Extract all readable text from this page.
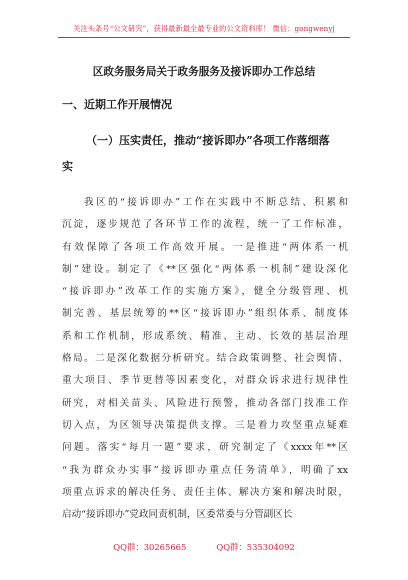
关注头条号“公文研究”，获得最新最全最专业的公文资料库！ 微信：gongwenyj
区政务服务局关于政务服务及接诉即办工作总结
一、近期工作开展情况
（一）压实责任，推动“接诉即办”各项工作落细落
实
我区的“接诉即办”工作在实践中不断总结、积累和
沉淀，逐步规范了各环节工作的流程，统一了工作标准，
有效保障了各项工作高效开展。一是推进“两体系一机
制”建设。制定了《**区强化“两体系一机制”建设深化
“接诉即办”改革工作的实施方案》，健全分级管理、机
制完善、基层统筹的**区“接诉即办”组织体系、制度体
系和工作机制，形成系统、精准、主动、长效的基层治理
格局。二是深化数据分析研究。结合政策调整、社会舆情、
重大项目、季节更替等因素变化，对群众诉求进行规律性
研究，对相关苗头、风险进行预警，推动各部门找准工作
切入点，为区领导决策提供支撑。三是着力攻坚重点疑难
问题。落实“每月一题”要求，研究制定了《xxxx年**区
“我为群众办实事”接诉即办重点任务清单》，明确了xx
项重点诉求的解决任务、责任主体、解决方案和解决时限，
启动“接诉即办”党政同责机制，区委常委与分管副区长
QQ群：30265665	QQ群：535304092
